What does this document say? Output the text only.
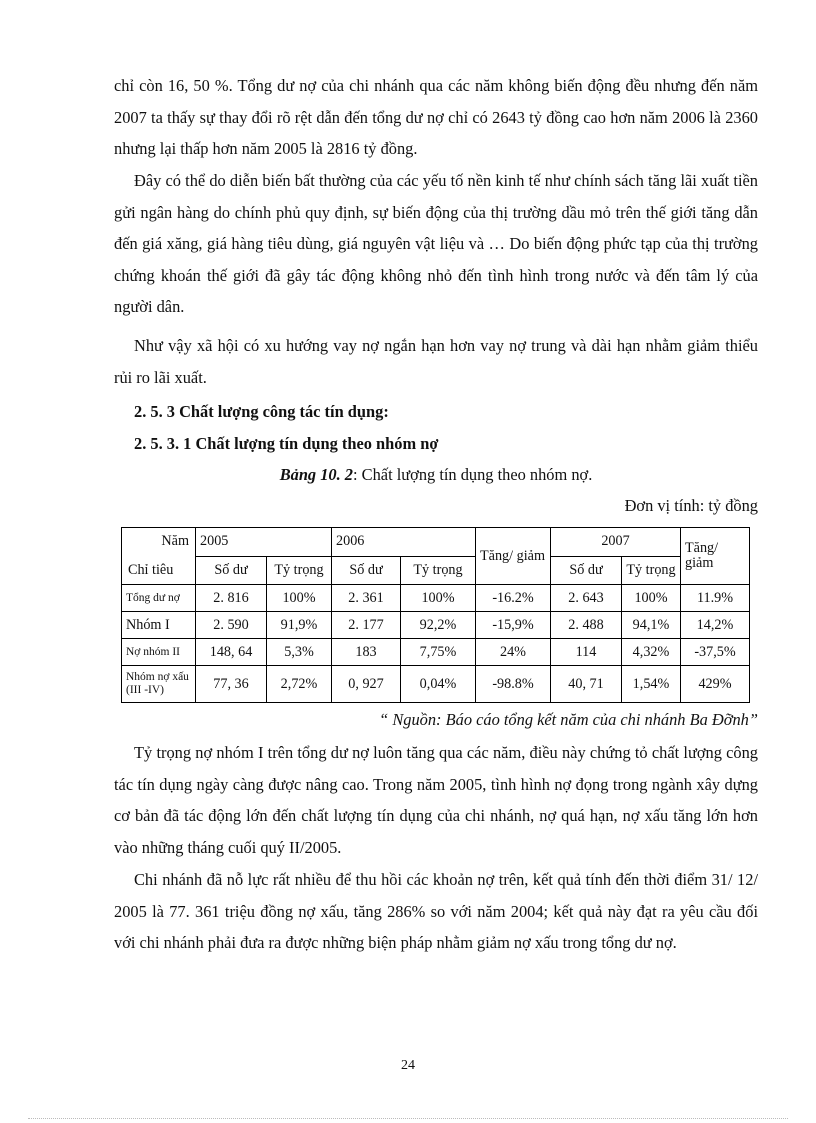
chỉ còn 16, 50 %. Tổng dư nợ của chi nhánh qua các năm không biến động đều nhưng đến năm 2007 ta thấy sự thay đổi rõ rệt dẫn đến tổng dư nợ chỉ có 2643 tỷ đồng cao hơn năm 2006 là 2360 nhưng lại thấp hơn năm 2005 là 2816 tỷ đồng.

Đây có thể do diễn biến bất thường của các yếu tố nền kinh tế như chính sách tăng lãi xuất tiền gửi ngân hàng do chính phủ quy định, sự biến động của thị trường dầu mỏ trên thế giới tăng dẫn đến giá xăng, giá hàng tiêu dùng, giá nguyên vật liệu và … Do biến động phức tạp của thị trường chứng khoán thế giới đã gây tác động không nhỏ đến tình hình trong nước và đến tâm lý của người dân.

Như vậy xã hội có xu hướng vay nợ ngắn hạn hơn vay nợ trung và dài hạn nhằm giảm thiểu rủi ro lãi xuất.

2. 5. 3 Chất lượng công tác tín dụng:

2. 5. 3. 1 Chất lượng tín dụng theo nhóm nợ

Bảng 10. 2: Chất lượng tín dụng theo nhóm nợ.

Đơn vị tính: tỷ đồng

Năm
Chỉ tiêu	2005		2006		Tăng/ giảm	2007		Tăng/ giảm
	Số dư	Tỷ trọng	Số dư	Tỷ trọng		Số dư	Tỷ trọng	
Tổng dư nợ	2. 816	100%	2. 361	100%	-16.2%	2. 643	100%	11.9%
Nhóm I	2. 590	91,9%	2. 177	92,2%	-15,9%	2. 488	94,1%	14,2%
Nợ nhóm II	148, 64	5,3%	183	7,75%	24%	114	4,32%	-37,5%
Nhóm nợ xấu (III -IV)	77, 36	2,72%	0, 927	0,04%	-98.8%	40, 71	1,54%	429%

“ Nguồn: Báo cáo tổng kết năm của chi nhánh Ba Đỡnh”

Tỷ trọng nợ nhóm I trên tổng dư nợ luôn tăng qua các năm, điều này chứng tỏ chất lượng công tác tín dụng ngày càng được nâng cao. Trong năm 2005, tình hình nợ đọng trong ngành xây dựng cơ bản đã tác động lớn đến chất lượng tín dụng của chi nhánh, nợ quá hạn, nợ xấu tăng lớn hơn vào những tháng cuối quý II/2005.

Chi nhánh đã nỗ lực rất nhiều để thu hồi các khoản nợ trên, kết quả tính đến thời điểm 31/ 12/ 2005 là 77. 361 triệu đồng nợ xấu, tăng 286% so với năm 2004; kết quả này đạt ra yêu cầu đối với chi nhánh phải đưa ra được những biện pháp nhằm giảm nợ xấu trong tổng dư nợ.

24
